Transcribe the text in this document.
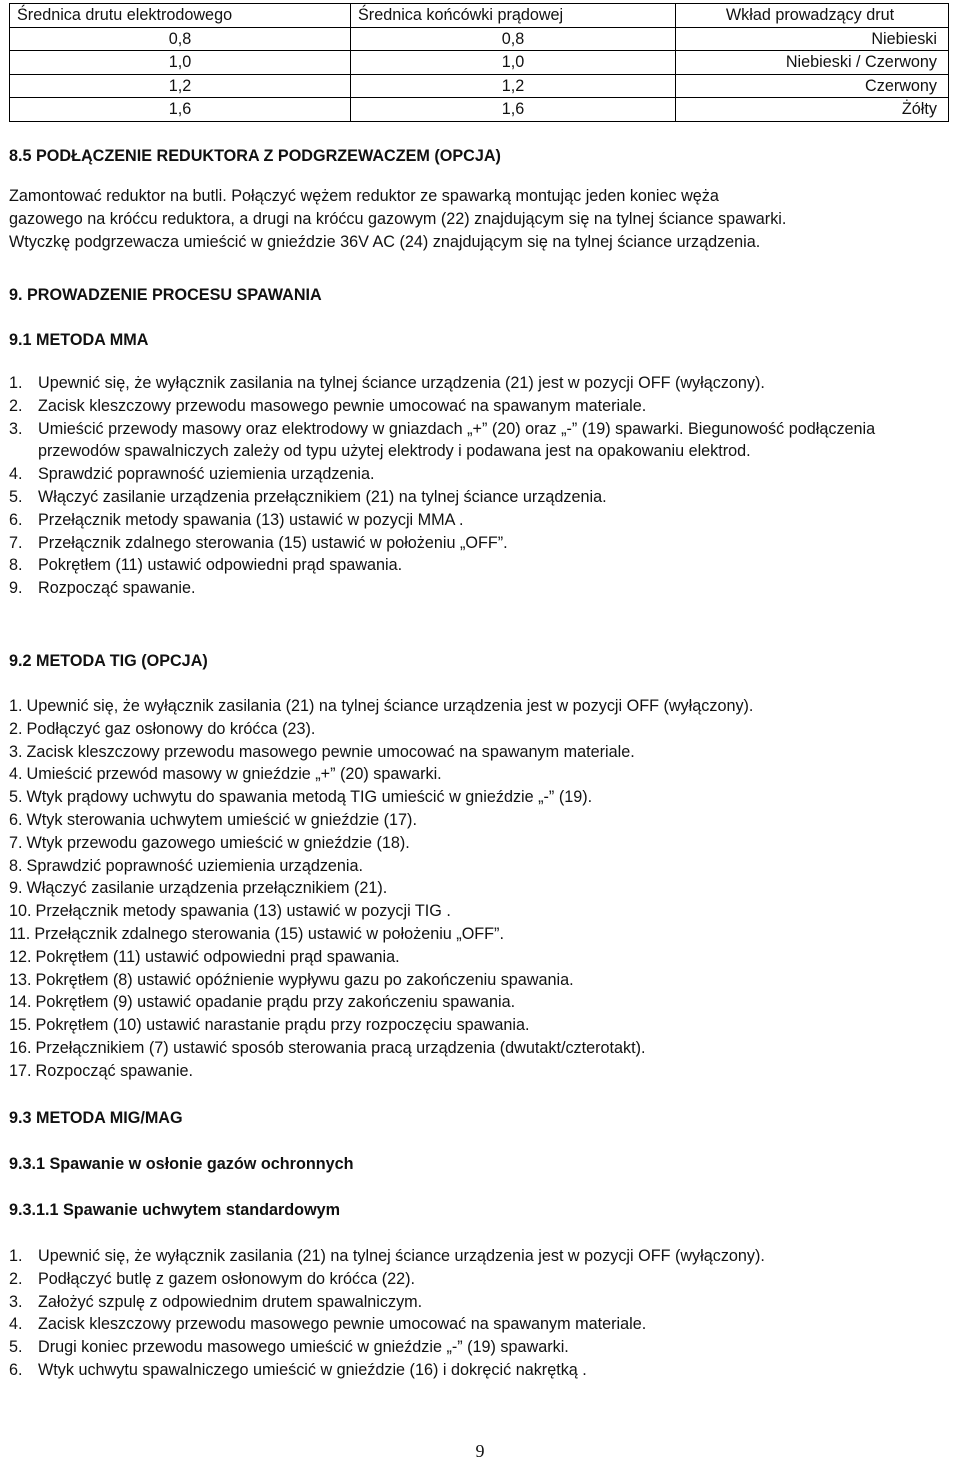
Średnica drutu elektrodowego	Średnica końcówki prądowej	Wkład prowadzący drut
0,8	0,8	Niebieski
1,0	1,0	Niebieski / Czerwony
1,2	1,2	Czerwony
1,6	1,6	Żółty
8.5 PODŁĄCZENIE REDUKTORA Z PODGRZEWACZEM (OPCJA)
Zamontować reduktor na butli. Połączyć wężem reduktor ze spawarką montując jeden koniec węża
gazowego na króćcu reduktora, a drugi na króćcu gazowym (22) znajdującym się na tylnej ściance spawarki.
Wtyczkę podgrzewacza umieścić w gnieździe 36V AC (24) znajdującym się na tylnej ściance urządzenia.
9. PROWADZENIE PROCESU SPAWANIA
9.1 METODA MMA
1. Upewnić się, że wyłącznik zasilania na tylnej ściance urządzenia (21) jest w pozycji OFF (wyłączony).
2. Zacisk kleszczowy przewodu masowego pewnie umocować na spawanym materiale.
3. Umieścić przewody masowy oraz elektrodowy w gniazdach „+” (20) oraz „-” (19) spawarki. Biegunowość podłączenia przewodów spawalniczych zależy od typu użytej elektrody i podawana jest na opakowaniu elektrod.
4. Sprawdzić poprawność uziemienia urządzenia.
5. Włączyć zasilanie urządzenia przełącznikiem (21) na tylnej ściance urządzenia.
6. Przełącznik metody spawania (13) ustawić w pozycji MMA .
7. Przełącznik zdalnego sterowania (15) ustawić w położeniu „OFF”.
8. Pokrętłem (11) ustawić odpowiedni prąd spawania.
9. Rozpocząć spawanie.
9.2 METODA TIG (OPCJA)
1. Upewnić się, że wyłącznik zasilania (21) na tylnej ściance urządzenia jest w pozycji OFF (wyłączony).
2. Podłączyć gaz osłonowy do króćca (23).
3. Zacisk kleszczowy przewodu masowego pewnie umocować na spawanym materiale.
4. Umieścić przewód masowy w gnieździe „+” (20) spawarki.
5. Wtyk prądowy uchwytu do spawania metodą TIG umieścić w gnieździe „-” (19).
6. Wtyk sterowania uchwytem umieścić w gnieździe (17).
7. Wtyk przewodu gazowego umieścić w gnieździe (18).
8. Sprawdzić poprawność uziemienia urządzenia.
9. Włączyć zasilanie urządzenia przełącznikiem (21).
10. Przełącznik metody spawania (13) ustawić w pozycji TIG .
11. Przełącznik zdalnego sterowania (15) ustawić w położeniu „OFF”.
12. Pokrętłem (11) ustawić odpowiedni prąd spawania.
13. Pokrętłem (8) ustawić opóźnienie wypływu gazu po zakończeniu spawania.
14. Pokrętłem (9) ustawić opadanie prądu przy zakończeniu spawania.
15. Pokrętłem (10) ustawić narastanie prądu przy rozpoczęciu spawania.
16. Przełącznikiem (7) ustawić sposób sterowania pracą urządzenia (dwutakt/czterotakt).
17. Rozpocząć spawanie.
9.3 METODA MIG/MAG
9.3.1 Spawanie w osłonie gazów ochronnych
9.3.1.1 Spawanie uchwytem standardowym
1. Upewnić się, że wyłącznik zasilania (21) na tylnej ściance urządzenia jest w pozycji OFF (wyłączony).
2. Podłączyć butlę z gazem osłonowym do króćca (22).
3. Założyć szpulę z odpowiednim drutem spawalniczym.
4. Zacisk kleszczowy przewodu masowego pewnie umocować na spawanym materiale.
5. Drugi koniec przewodu masowego umieścić w gnieździe „-” (19) spawarki.
6. Wtyk uchwytu spawalniczego umieścić w gnieździe (16) i dokręcić nakrętką .
9
